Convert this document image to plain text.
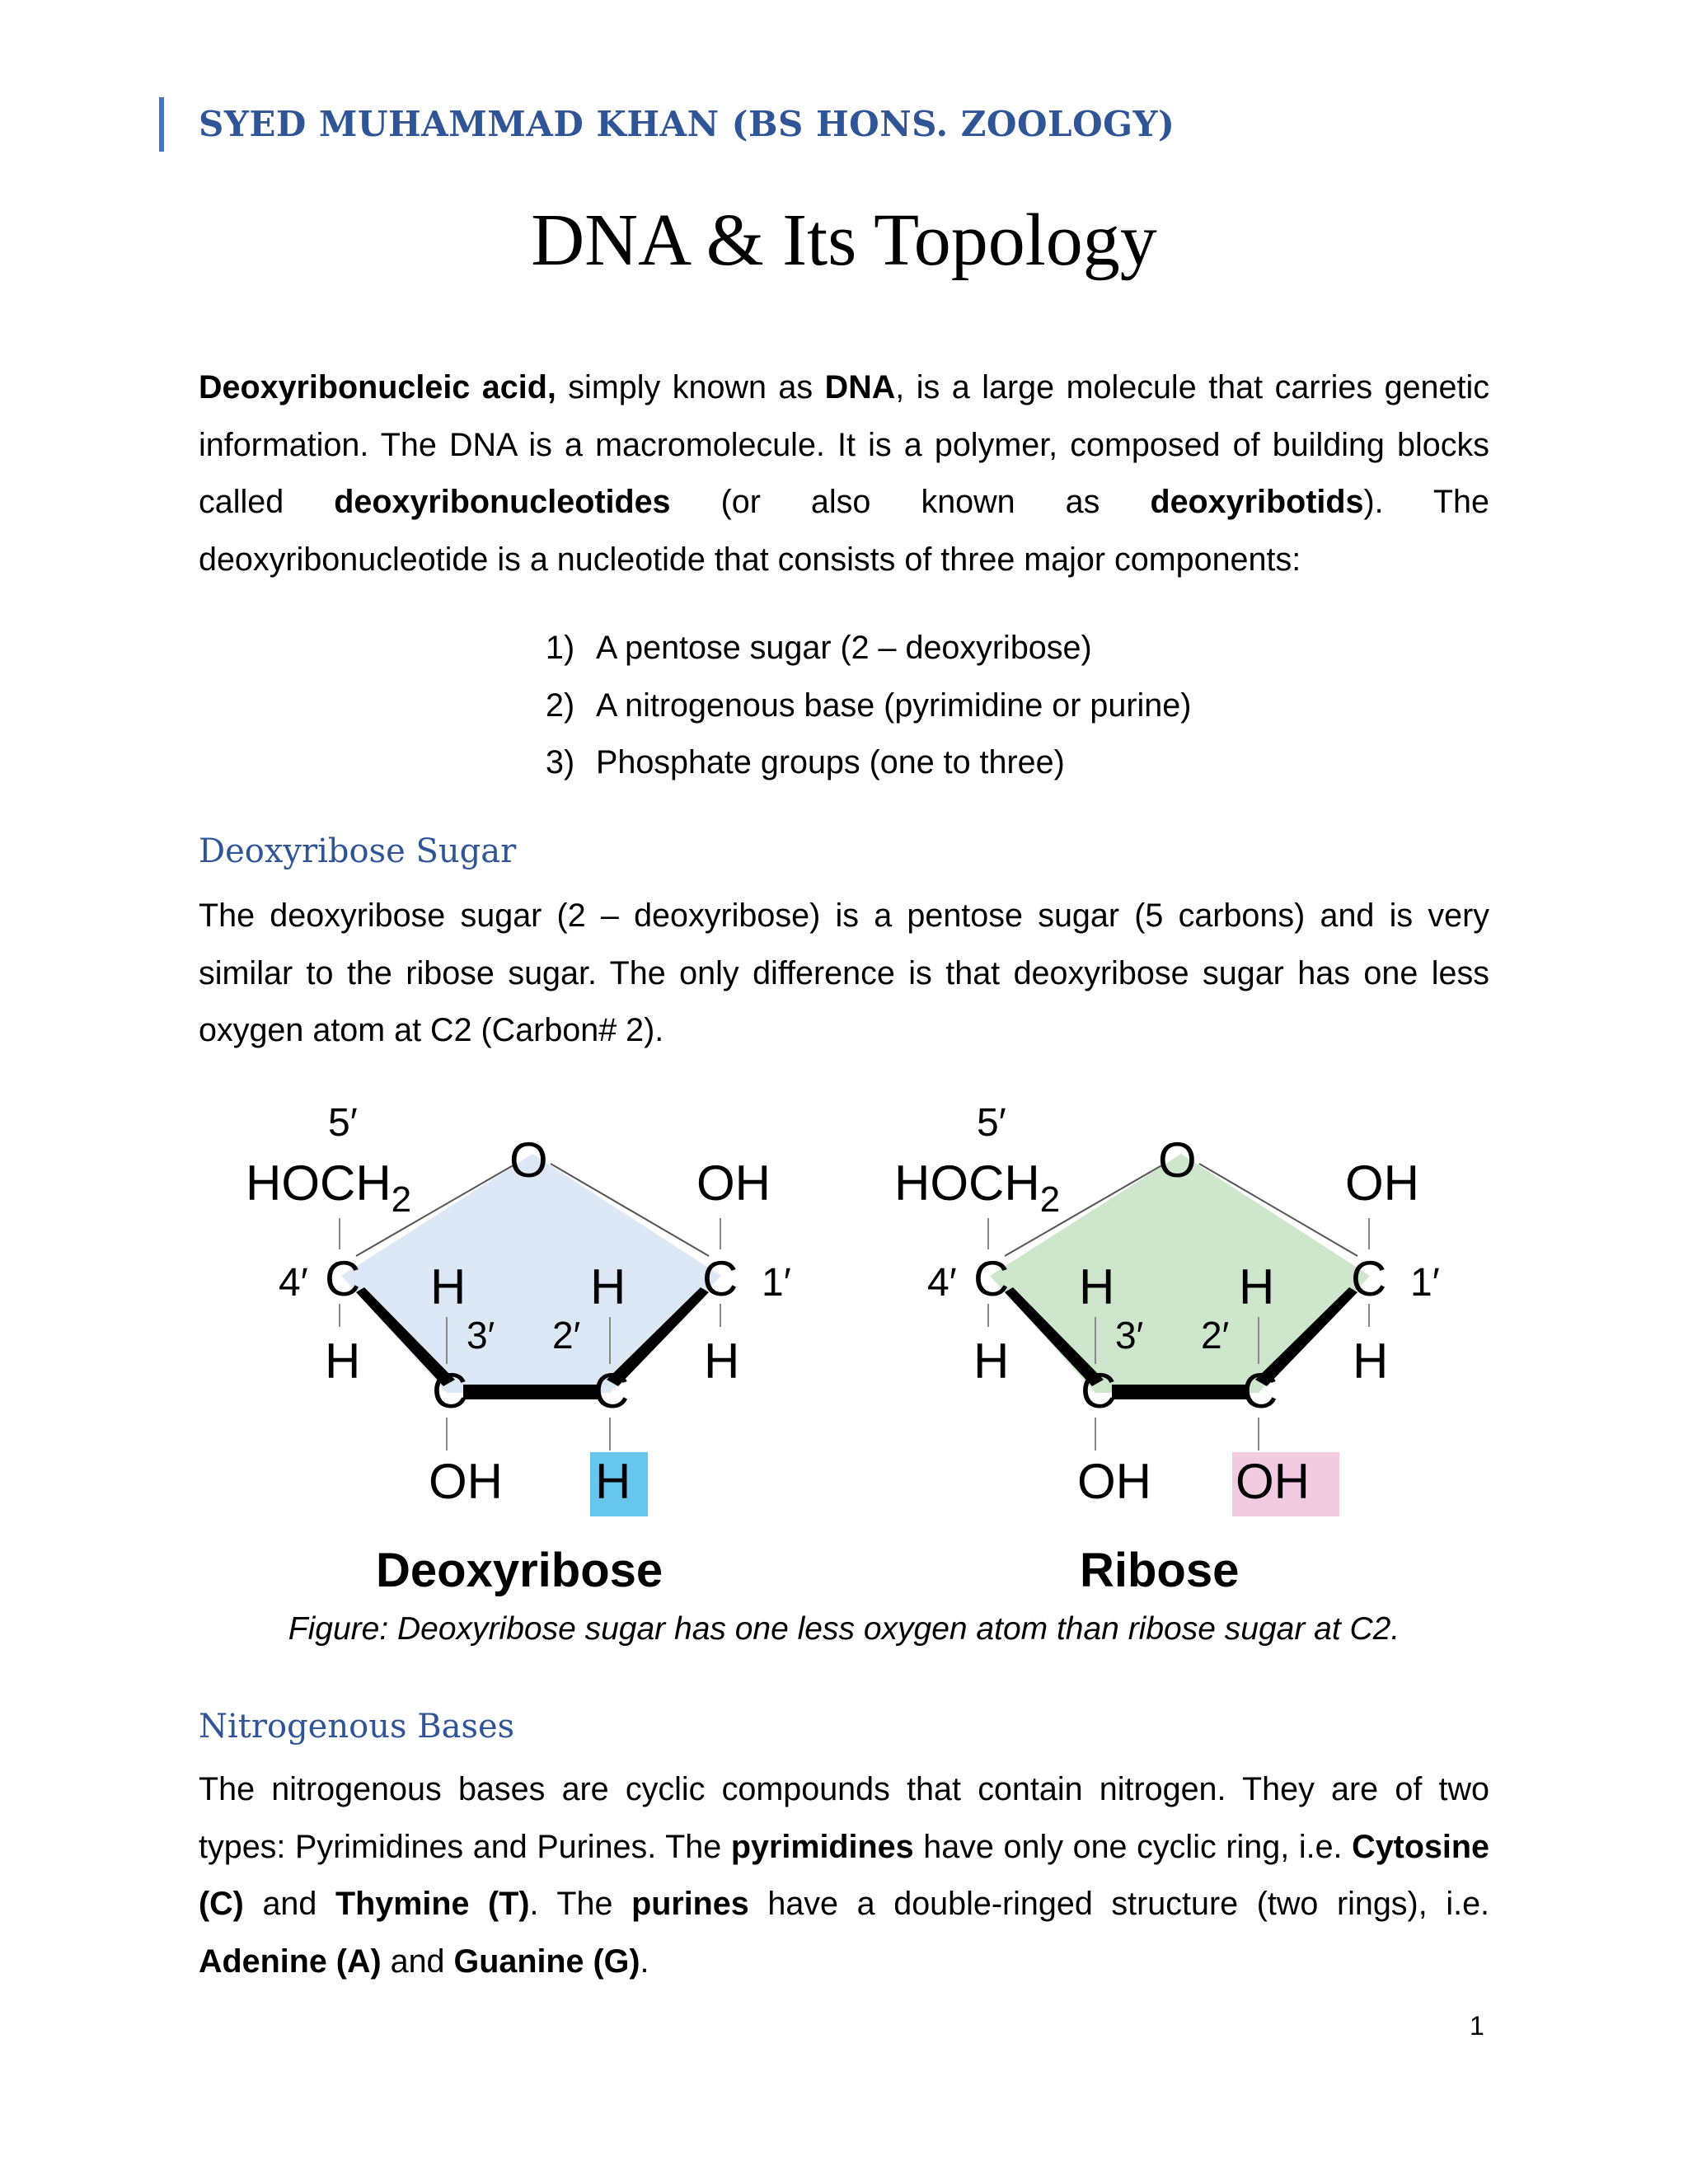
SYED MUHAMMAD KHAN (BS HONS. ZOOLOGY)
DNA & Its Topology
Deoxyribonucleic acid, simply known as DNA, is a large molecule that carries genetic information. The DNA is a macromolecule. It is a polymer, composed of building blocks called deoxyribonucleotides (or also known as deoxyribotids). The deoxyribonucleotide is a nucleotide that consists of three major components:
1) A pentose sugar (2 – deoxyribose)
2) A nitrogenous base (pyrimidine or purine)
3) Phosphate groups (one to three)
Deoxyribose Sugar
The deoxyribose sugar (2 – deoxyribose) is a pentose sugar (5 carbons) and is very similar to the ribose sugar. The only difference is that deoxyribose sugar has one less oxygen atom at C2 (Carbon# 2).
5′
$HOCH_2$
O	OH
4′ C H	H C 1′
3′ 2′
H
C	C
H
OH H
Deoxyribose
5′
$HOCH_2$
O	OH
4′ C H	H C 1′
3′ 2′
H
C	C
H
OH OH
Ribose
Figure: Deoxyribose sugar has one less oxygen atom than ribose sugar at C2.
Nitrogenous Bases
The nitrogenous bases are cyclic compounds that contain nitrogen. They are of two types: Pyrimidines and Purines. The pyrimidines have only one cyclic ring, i.e. Cytosine (C) and Thymine (T). The purines have a double-ringed structure (two rings), i.e. Adenine (A) and Guanine (G).
1
